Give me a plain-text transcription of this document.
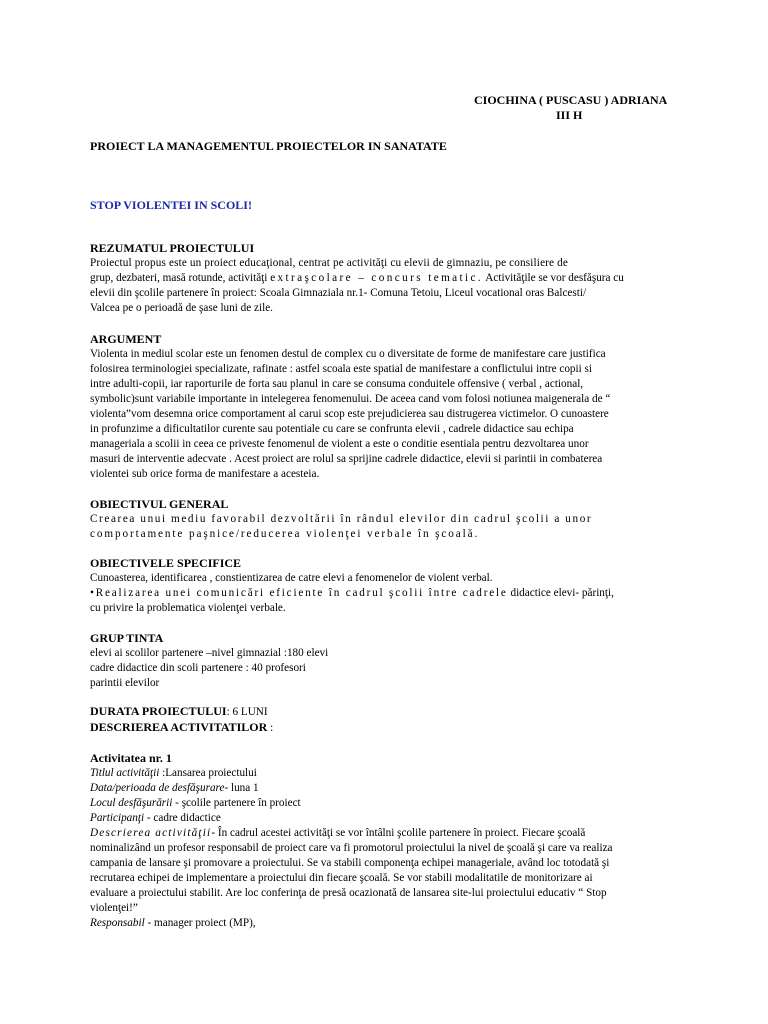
CIOCHINA ( PUSCASU ) ADRIANA
III H
PROIECT LA MANAGEMENTUL PROIECTELOR IN SANATATE
STOP VIOLENTEI IN SCOLI!
REZUMATUL PROIECTULUI
Proiectul propus este un proiect educaţional, centrat pe activităţi cu elevii de gimnaziu, pe consiliere de
grup, dezbateri, masă rotunde, activităţi extraşcolare – concurs tematic. Activităţile se vor desfăşura cu
elevii din şcolile partenere în proiect: Scoala Gimnaziala nr.1- Comuna Tetoiu, Liceul vocational oras Balcesti/
Valcea pe o perioadă de şase luni de zile.
ARGUMENT
Violenta in mediul scolar este un fenomen destul de complex cu o diversitate de forme de manifestare care justifica
folosirea terminologiei specializate, rafinate : astfel scoala este spatial de manifestare a conflictului intre copii si
intre adulti-copii, iar raporturile de forta sau planul in care se consuma conduitele offensive ( verbal , actional,
symbolic)sunt variabile importante in intelegerea fenomenului. De aceea cand vom folosi notiunea maigenerala de “
violenta”vom desemna orice comportament al carui scop este prejudicierea sau distrugerea victimelor. O cunoastere
in profunzime a dificultatilor curente sau potentiale cu care se confrunta elevii , cadrele didactice sau echipa
manageriala a scolii in ceea ce priveste fenomenul de violent a este o conditie esentiala pentru dezvoltarea unor
masuri de interventie adecvate . Acest proiect are rolul sa sprijine cadrele didactice, elevii si parintii in combaterea
violentei sub orice forma de manifestare a acesteia.
OBIECTIVUL GENERAL
Crearea unui mediu favorabil dezvoltării în rândul elevilor din cadrul şcolii a unor
comportamente paşnice/reducerea violenţei verbale în şcoală.
OBIECTIVELE SPECIFICE
Cunoasterea, identificarea , constientizarea de catre elevi a fenomenelor de violent verbal.
•Realizarea unei comunicări eficiente în cadrul şcolii între cadrele didactice elevi- părinţi,
cu privire la problematica violenţei verbale.
GRUP TINTA
elevi ai scolilor partenere –nivel gimnazial :180 elevi
cadre didactice din scoli partenere : 40 profesori
parintii elevilor
DURATA PROIECTULUI: 6 LUNI
DESCRIEREA ACTIVITATILOR :
Activitatea nr. 1
Titlul activităţii :Lansarea proiectului
Data/perioada de desfăşurare- luna 1
Locul desfăşurării - şcolile partenere în proiect
Participanţi - cadre didactice
Descrierea activităţii- În cadrul acestei activităţi se vor întâlni şcolile partenere în proiect. Fiecare şcoală
nominalizând un profesor responsabil de proiect care va fi promotorul proiectului la nivel de şcoală şi care va realiza
campania de lansare şi promovare a proiectului. Se va stabili componenţa echipei manageriale, având loc totodată şi
recrutarea echipei de implementare a proiectului din fiecare şcoală. Se vor stabili modalitatile de monitorizare ai
evaluare a proiectului stabilit. Are loc conferinţa de presă ocazionată de lansarea site-lui proiectului educativ “ Stop
violenţei!”
Responsabil - manager proiect (MP),
